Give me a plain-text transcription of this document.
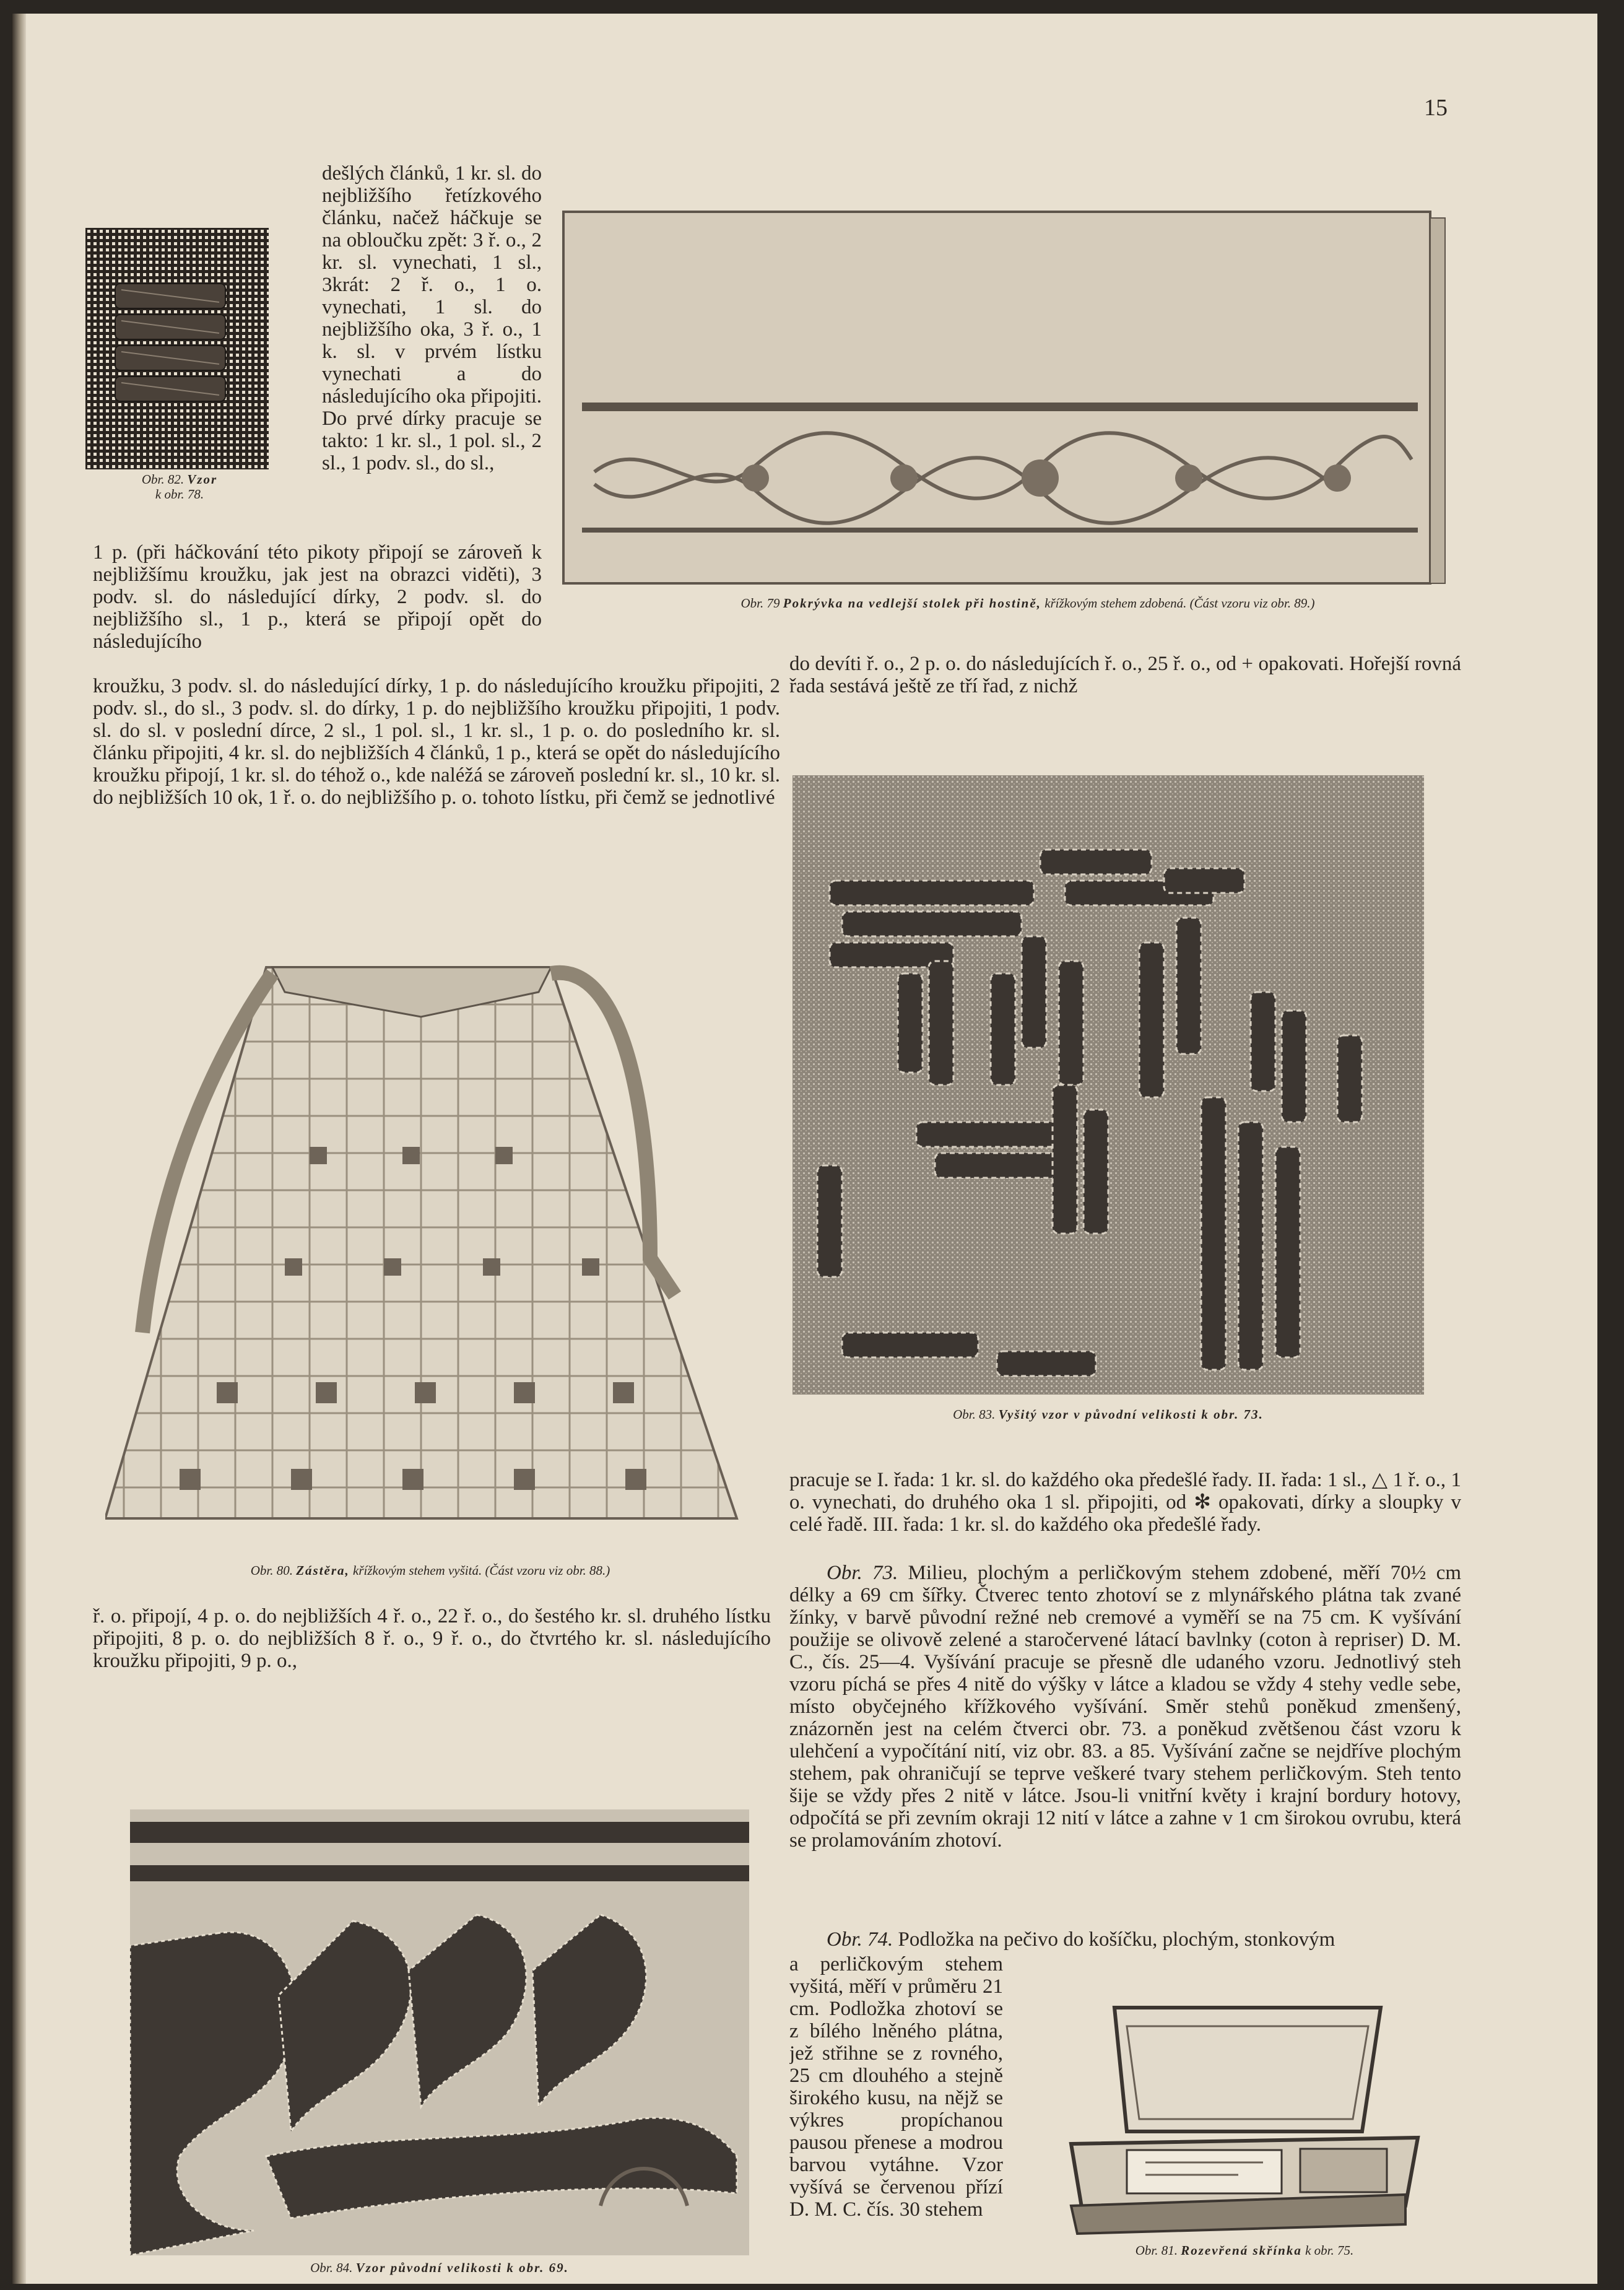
15
Obr. 82. Vzor
k obr. 78.
dešlých článků, 1 kr. sl. do nejbližšího řetízkového článku, načež háčkuje se na obloučku zpět: 3 ř. o., 2 kr. sl. vynechati, 1 sl., 3krát: 2 ř. o., 1 o. vynechati, 1 sl. do nejbližšího oka, 3 ř. o., 1 k. sl. v prvém lístku vynechati a do následujícího oka připojiti. Do prvé dírky pracuje se takto: 1 kr. sl., 1 pol. sl., 2 sl., 1 podv. sl., do sl.,
1 p. (při háčkování této pikoty připojí se zároveň k nejbližšímu kroužku, jak jest na obrazci viděti), 3 podv. sl. do následující dírky, 2 podv. sl. do nejbližšího sl., 1 p., která se připojí opět do následujícího
kroužku, 3 podv. sl. do následující dírky, 1 p. do následujícího kroužku připojiti, 2 podv. sl., do sl., 3 podv. sl. do dírky, 1 p. do nejbližšího kroužku připojiti, 1 podv. sl. do sl. v poslední dírce, 2 sl., 1 pol. sl., 1 kr. sl., 1 p. o. do posledního kr. sl. článku připojiti, 4 kr. sl. do nejbližších 4 článků, 1 p., která se opět do následujícího kroužku připojí, 1 kr. sl. do téhož o., kde naléžá se zároveň poslední kr. sl., 10 kr. sl. do nejbližších 10 ok, 1 ř. o. do nejbližšího p. o. tohoto lístku, při čemž se jednotlivé
Obr. 79 Pokrývka na vedlejší stolek při hostině, křížkovým stehem zdobená. (Část vzoru viz obr. 89.)
do devíti ř. o., 2 p. o. do následujících ř. o., 25 ř. o., od + opakovati. Hořejší rovná řada sestává ještě ze tří řad, z nichž
Obr. 83. Vyšitý vzor v původní velikosti k obr. 73.
Obr. 80. Zástěra, křížkovým stehem vyšitá. (Část vzoru viz obr. 88.)
ř. o. připojí, 4 p. o. do nejbližších 4 ř. o., 22 ř. o., do šestého kr. sl. druhého lístku připojiti, 8 p. o. do nejbližších 8 ř. o., 9 ř. o., do čtvrtého kr. sl. následujícího kroužku připojiti, 9 p. o.,
pracuje se I. řada: 1 kr. sl. do každého oka předešlé řady. II. řada: 1 sl., △ 1 ř. o., 1 o. vynechati, do druhého oka 1 sl. připojiti, od ✻ opakovati, dírky a sloupky v celé řadě. III. řada: 1 kr. sl. do každého oka předešlé řady.
Obr. 73. Milieu, plochým a perličkovým stehem zdobené, měří 70½ cm délky a 69 cm šířky. Čtverec tento zhotoví se z mlynářského plátna tak zvané žínky, v barvě původní režné neb cremové a vyměří se na 75 cm. K vyšívání použije se olivově zelené a staročervené látací bavlnky (coton à repriser) D. M. C., čís. 25—4. Vyšívání pracuje se přesně dle udaného vzoru. Jednotlivý steh vzoru píchá se přes 4 nitě do výšky v látce a kladou se vždy 4 stehy vedle sebe, místo obyčejného křížkového vyšívání. Směr stehů poněkud zmenšený, znázorněn jest na celém čtverci obr. 73. a poněkud zvětšenou část vzoru k ulehčení a vypočítání nití, viz obr. 83. a 85. Vyšívání začne se nejdříve plochým stehem, pak ohraničují se teprve veškeré tvary stehem perličkovým. Steh tento šije se vždy přes 2 nitě v látce. Jsou-li vnitřní květy i krajní bordury hotovy, odpočítá se při zevním okraji 12 nití v látce a zahne v 1 cm širokou ovrubu, která se prolamováním zhotoví.
Obr. 74. Podložka na pečivo do košíčku, plochým, stonkovým
a perličkovým stehem vyšitá, měří v průměru 21 cm. Podložka zhotoví se z bílého lněného plátna, jež střihne se z rovného, 25 cm dlouhého a stejně širokého kusu, na nějž se výkres propíchanou pausou přenese a modrou barvou vytáhne. Vzor vyšívá se červenou přízí D. M. C. čís. 30 stehem
Obr. 84. Vzor původní velikosti k obr. 69.
Obr. 81. Rozevřená skřínka k obr. 75.
